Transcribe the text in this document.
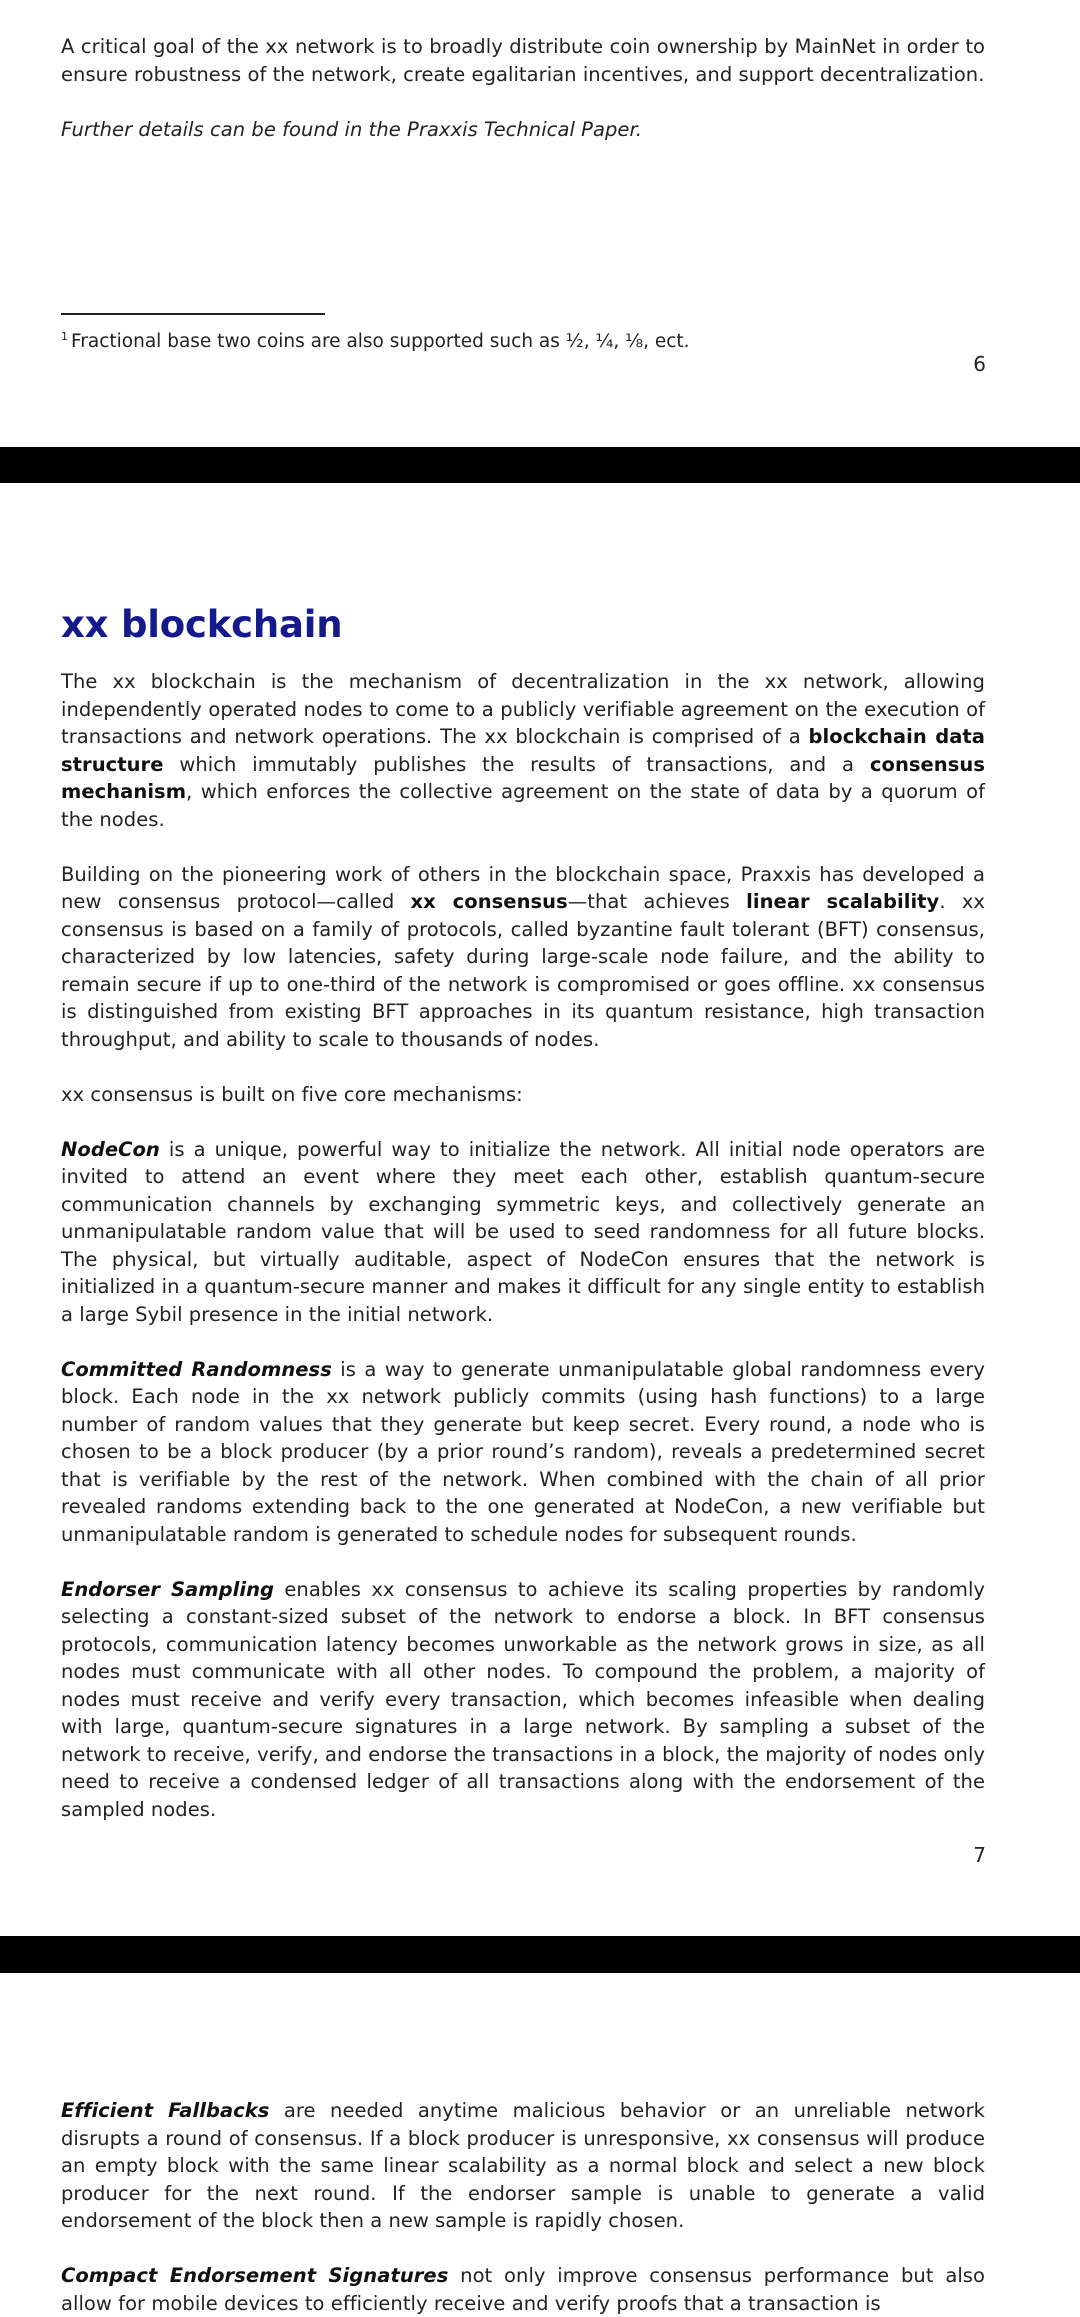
A critical goal of the xx network is to broadly distribute coin ownership by MainNet in order to ensure robustness of the network, create egalitarian incentives, and support decentralization.

Further details can be found in the Praxxis Technical Paper.

$^1$ Fractional base two coins are also supported such as ½, ¼, ⅛, ect.
6
xx blockchain

The xx blockchain is the mechanism of decentralization in the xx network, allowing independently operated nodes to come to a publicly verifiable agreement on the execution of transactions and network operations. The xx blockchain is comprised of a blockchain data structure which immutably publishes the results of transactions, and a consensus mechanism, which enforces the collective agreement on the state of data by a quorum of the nodes.

Building on the pioneering work of others in the blockchain space, Praxxis has developed a new consensus protocol—called xx consensus—that achieves linear scalability. xx consensus is based on a family of protocols, called byzantine fault tolerant (BFT) consensus, characterized by low latencies, safety during large-scale node failure, and the ability to remain secure if up to one-third of the network is compromised or goes offline. xx consensus is distinguished from existing BFT approaches in its quantum resistance, high transaction throughput, and ability to scale to thousands of nodes.

xx consensus is built on five core mechanisms:

NodeCon is a unique, powerful way to initialize the network. All initial node operators are invited to attend an event where they meet each other, establish quantum-secure communication channels by exchanging symmetric keys, and collectively generate an unmanipulatable random value that will be used to seed randomness for all future blocks. The physical, but virtually auditable, aspect of NodeCon ensures that the network is initialized in a quantum-secure manner and makes it difficult for any single entity to establish a large Sybil presence in the initial network.

Committed Randomness is a way to generate unmanipulatable global randomness every block. Each node in the xx network publicly commits (using hash functions) to a large number of random values that they generate but keep secret. Every round, a node who is chosen to be a block producer (by a prior round’s random), reveals a predetermined secret that is verifiable by the rest of the network. When combined with the chain of all prior revealed randoms extending back to the one generated at NodeCon, a new verifiable but unmanipulatable random is generated to schedule nodes for subsequent rounds.

Endorser Sampling enables xx consensus to achieve its scaling properties by randomly selecting a constant-sized subset of the network to endorse a block. In BFT consensus protocols, communication latency becomes unworkable as the network grows in size, as all nodes must communicate with all other nodes. To compound the problem, a majority of nodes must receive and verify every transaction, which becomes infeasible when dealing with large, quantum-secure signatures in a large network. By sampling a subset of the network to receive, verify, and endorse the transactions in a block, the majority of nodes only need to receive a condensed ledger of all transactions along with the endorsement of the sampled nodes.

7

Efficient Fallbacks are needed anytime malicious behavior or an unreliable network disrupts a round of consensus. If a block producer is unresponsive, xx consensus will produce an empty block with the same linear scalability as a normal block and select a new block producer for the next round. If the endorser sample is unable to generate a valid endorsement of the block then a new sample is rapidly chosen.

Compact Endorsement Signatures not only improve consensus performance but also allow for mobile devices to efficiently receive and verify proofs that a transaction is
